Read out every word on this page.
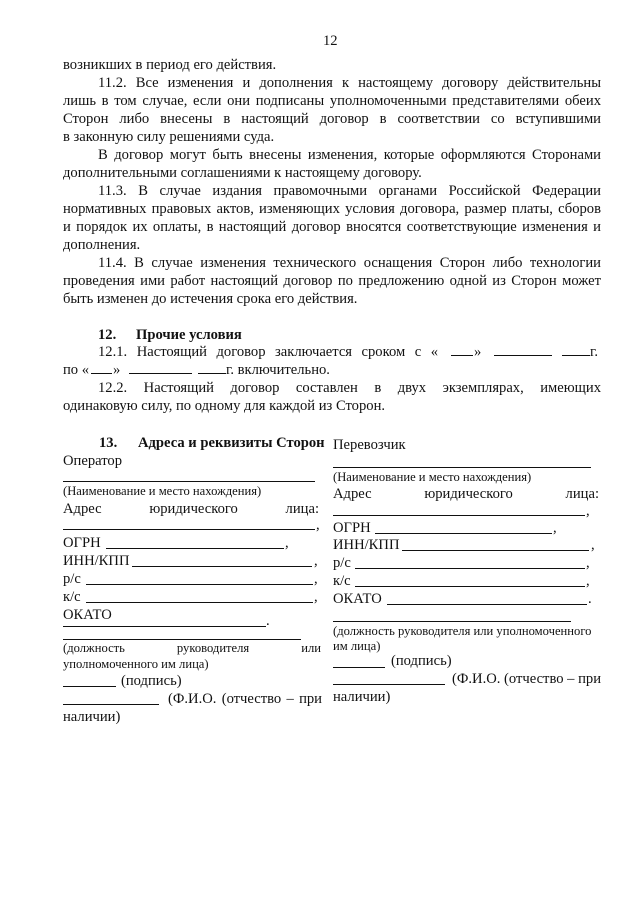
12
возникших в период его действия.
11.2. Все изменения и дополнения к настоящему договору действительны
лишь в том случае, если они подписаны уполномоченными представителями обеих
Сторон либо внесены в настоящий договор в соответствии со вступившими
в законную силу решениями суда.
В договор могут быть внесены изменения, которые оформляются Сторонами
дополнительными соглашениями к настоящему договору.
11.3. В случае издания правомочными органами Российской Федерации
нормативных правовых актов, изменяющих условия договора, размер платы, сборов
и порядок их оплаты, в настоящий договор вносятся соответствующие изменения и
дополнения.
11.4. В случае изменения технического оснащения Сторон либо технологии
проведения ими работ настоящий договор по предложению одной из Сторон может
быть изменен до истечения срока его действия.
12. Прочие условия
12.1. Настоящий договор заключается сроком с « »	г.
по « »	г. включительно.
12.2. Настоящий договор составлен в двух экземплярах, имеющих
одинаковую силу, по одному для каждой из Сторон.
13. Адреса и реквизиты Сторон
Оператор
(Наименование и место нахождения)
Адрес юридического лица:
,
ОГРН	,
ИНН/КПП	,
р/с	,
к/с	,
ОКАТО	.
(должность руководителя или уполномоченного им лица)
(подпись)
(Ф.И.О. (отчество – при
наличии)
Перевозчик
(Наименование и место нахождения)
Адрес юридического лица:
,
ОГРН	,
ИНН/КПП	,
р/с	,
к/с	,
ОКАТО	.
(должность руководителя или уполномоченного
им лица)
(подпись)
(Ф.И.О. (отчество – при
наличии)
